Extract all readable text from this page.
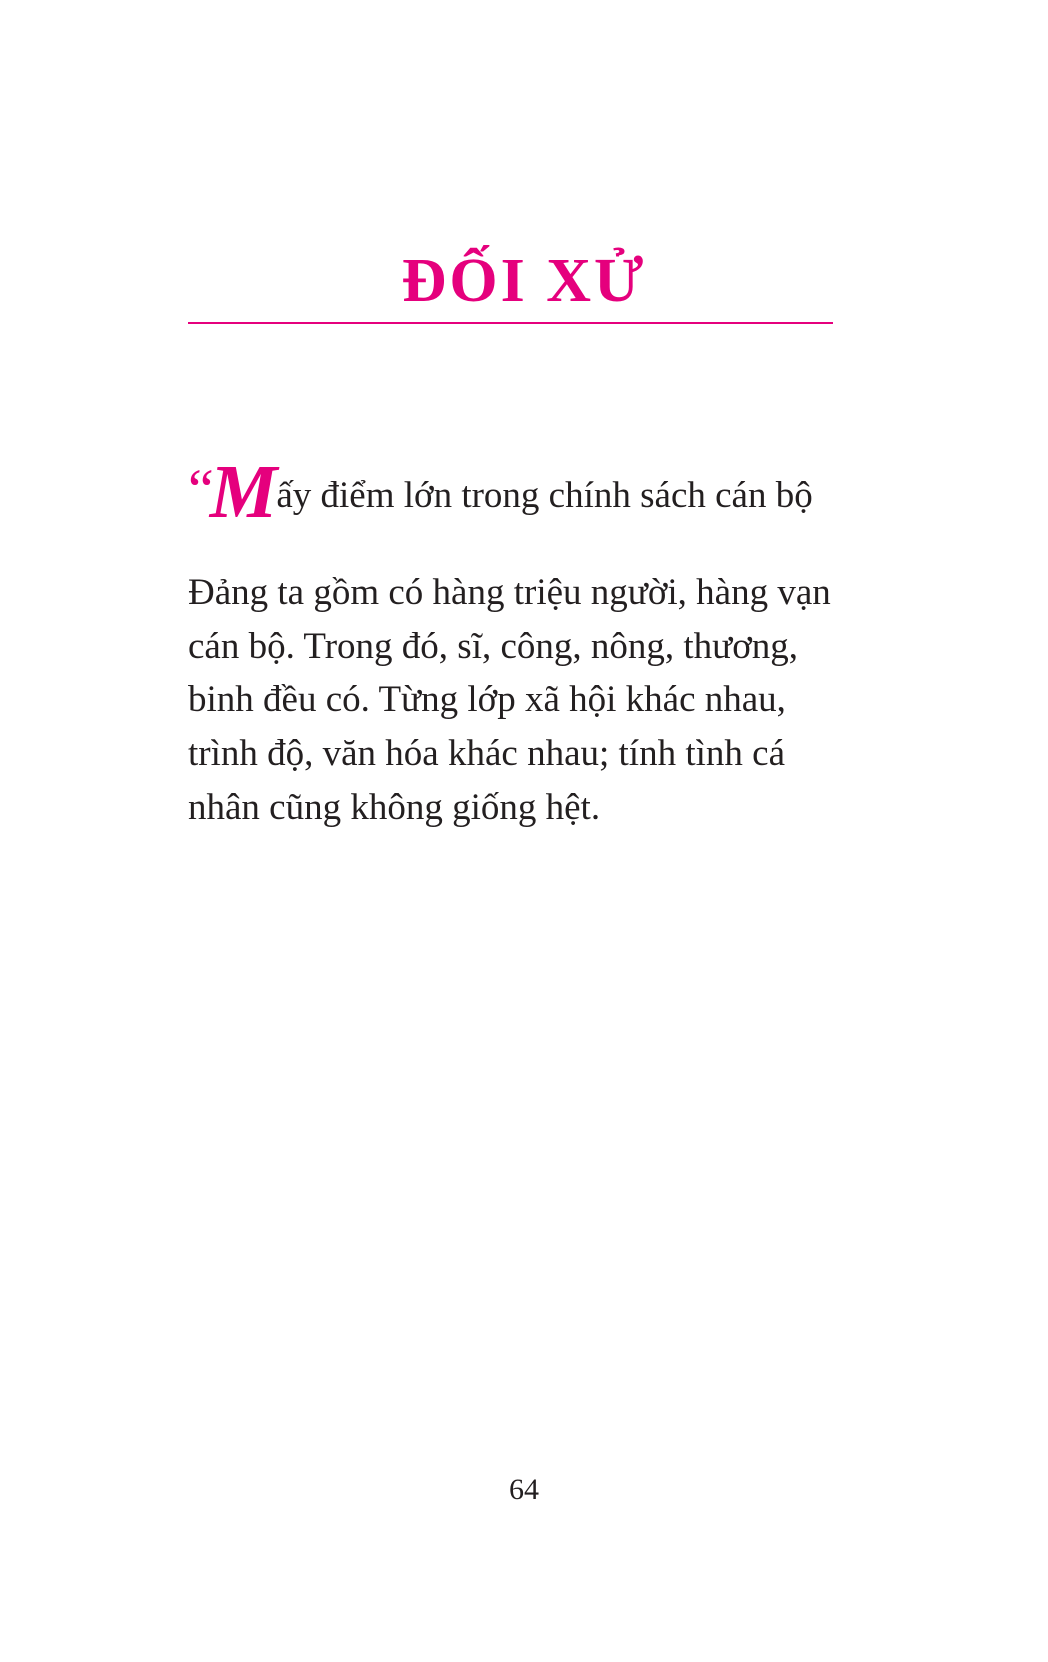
ĐỐI XỬ

“Mấy điểm lớn trong chính sách cán bộ

Đảng ta gồm có hàng triệu người, hàng vạn cán bộ. Trong đó, sĩ, công, nông, thương, binh đều có. Từng lớp xã hội khác nhau, trình độ, văn hóa khác nhau; tính tình cá nhân cũng không giống hệt.

64
